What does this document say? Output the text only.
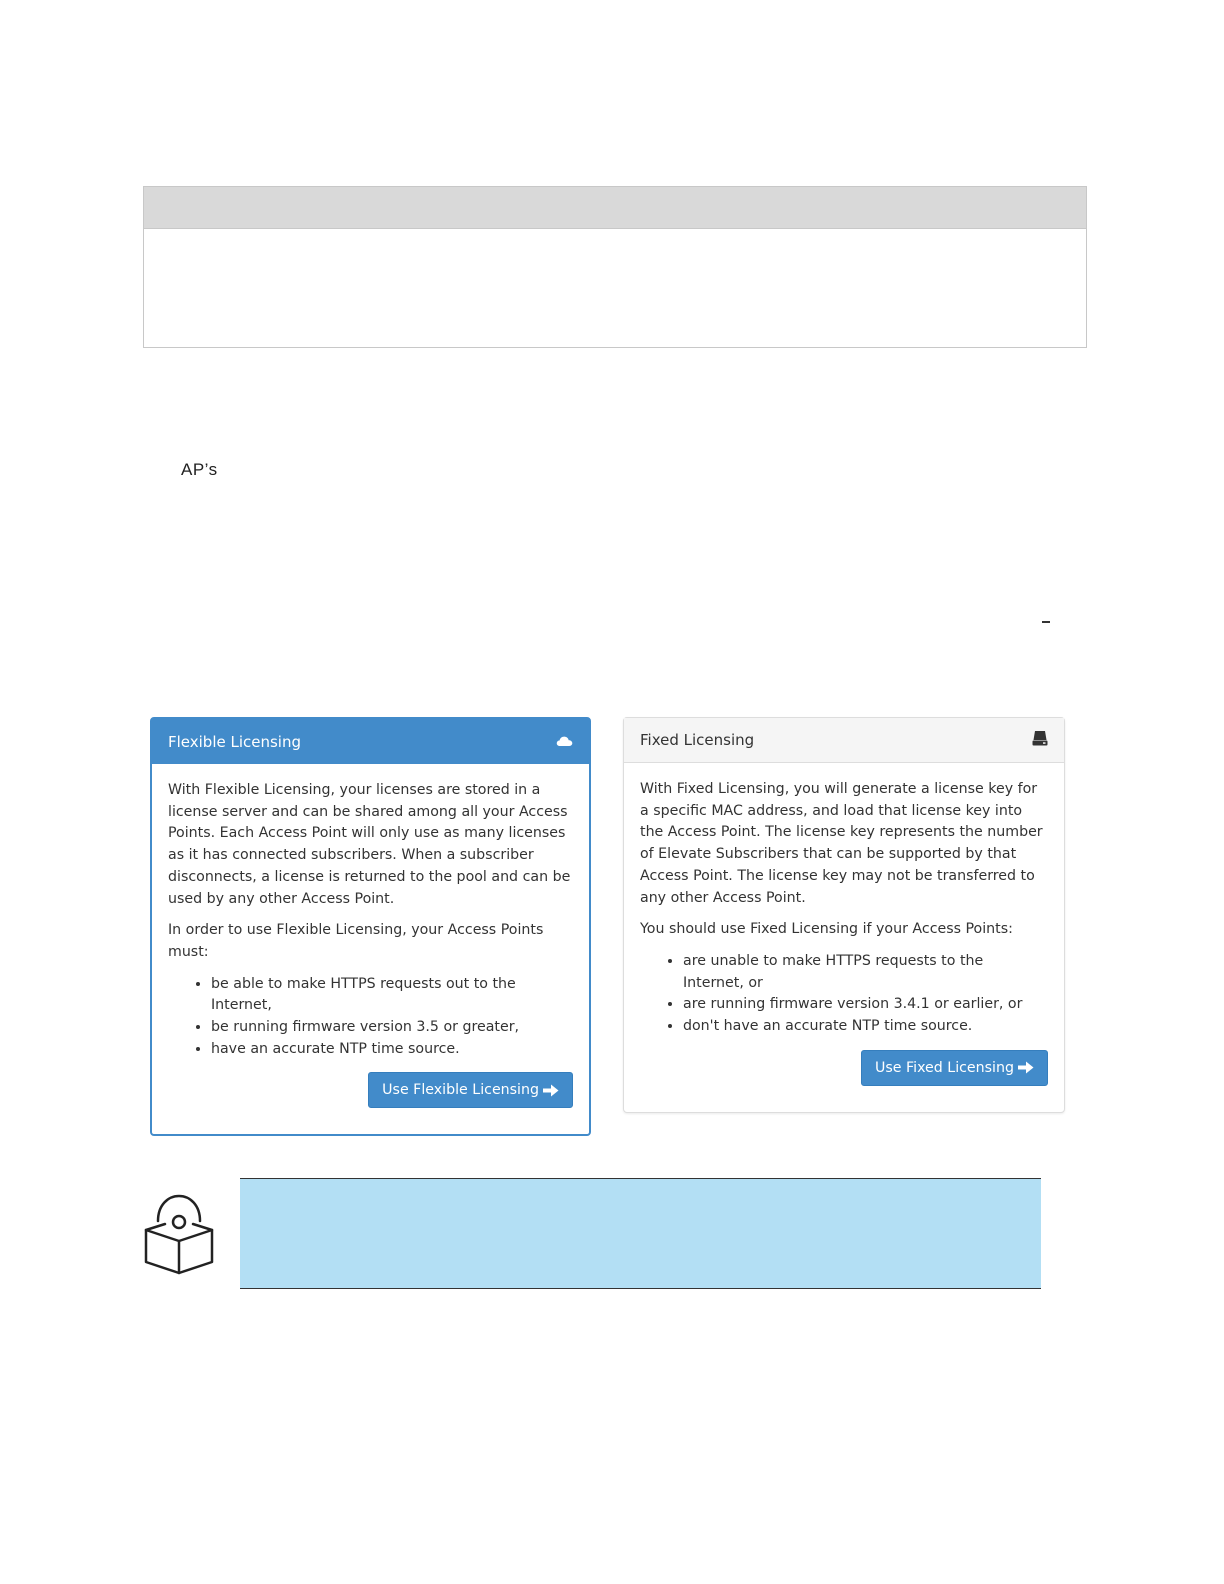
AP’s
Flexible Licensing

With Flexible Licensing, your licenses are stored in a license server and can be shared among all your Access Points. Each Access Point will only use as many licenses as it has connected subscribers. When a subscriber disconnects, a license is returned to the pool and can be used by any other Access Point.

In order to use Flexible Licensing, your Access Points must:

• be able to make HTTPS requests out to the Internet,
• be running firmware version 3.5 or greater,
• have an accurate NTP time source.
Use Flexible Licensing
Fixed Licensing

With Fixed Licensing, you will generate a license key for a specific MAC address, and load that license key into the Access Point. The license key represents the number of Elevate Subscribers that can be supported by that Access Point. The license key may not be transferred to any other Access Point.

You should use Fixed Licensing if your Access Points:

• are unable to make HTTPS requests to the Internet, or
• are running firmware version 3.4.1 or earlier, or
• don't have an accurate NTP time source.
Use Fixed Licensing
